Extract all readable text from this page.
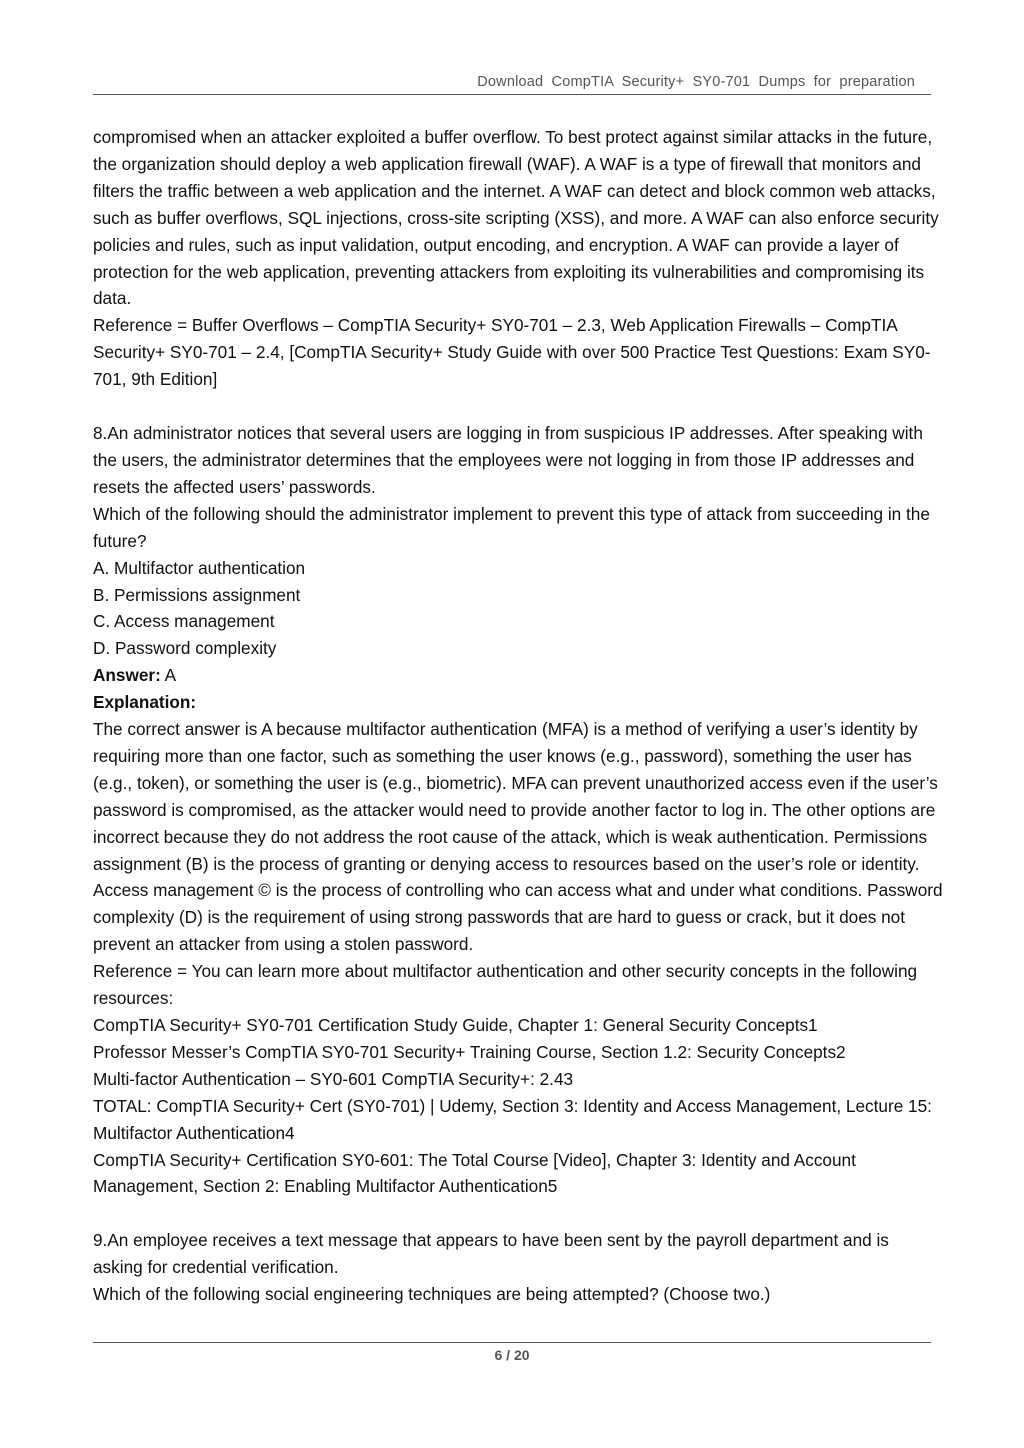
Download CompTIA Security+ SY0-701 Dumps for preparation

compromised when an attacker exploited a buffer overflow. To best protect against similar attacks in the future, the organization should deploy a web application firewall (WAF). A WAF is a type of firewall that monitors and filters the traffic between a web application and the internet. A WAF can detect and block common web attacks, such as buffer overflows, SQL injections, cross-site scripting (XSS), and more. A WAF can also enforce security policies and rules, such as input validation, output encoding, and encryption. A WAF can provide a layer of protection for the web application, preventing attackers from exploiting its vulnerabilities and compromising its data.

Reference = Buffer Overflows – CompTIA Security+ SY0-701 – 2.3, Web Application Firewalls – CompTIA Security+ SY0-701 – 2.4, [CompTIA Security+ Study Guide with over 500 Practice Test Questions: Exam SY0-701, 9th Edition]

8.An administrator notices that several users are logging in from suspicious IP addresses. After speaking with the users, the administrator determines that the employees were not logging in from those IP addresses and resets the affected users’ passwords.

Which of the following should the administrator implement to prevent this type of attack from succeeding in the future?

A. Multifactor authentication

B. Permissions assignment

C. Access management

D. Password complexity

Answer: A

Explanation:

The correct answer is A because multifactor authentication (MFA) is a method of verifying a user’s identity by requiring more than one factor, such as something the user knows (e.g., password), something the user has (e.g., token), or something the user is (e.g., biometric). MFA can prevent unauthorized access even if the user’s password is compromised, as the attacker would need to provide another factor to log in. The other options are incorrect because they do not address the root cause of the attack, which is weak authentication. Permissions assignment (B) is the process of granting or denying access to resources based on the user’s role or identity. Access management © is the process of controlling who can access what and under what conditions. Password complexity (D) is the requirement of using strong passwords that are hard to guess or crack, but it does not prevent an attacker from using a stolen password.

Reference = You can learn more about multifactor authentication and other security concepts in the following resources:

CompTIA Security+ SY0-701 Certification Study Guide, Chapter 1: General Security Concepts1

Professor Messer’s CompTIA SY0-701 Security+ Training Course, Section 1.2: Security Concepts2

Multi-factor Authentication – SY0-601 CompTIA Security+: 2.43

TOTAL: CompTIA Security+ Cert (SY0-701) | Udemy, Section 3: Identity and Access Management, Lecture 15: Multifactor Authentication4

CompTIA Security+ Certification SY0-601: The Total Course [Video], Chapter 3: Identity and Account Management, Section 2: Enabling Multifactor Authentication5

9.An employee receives a text message that appears to have been sent by the payroll department and is asking for credential verification.

Which of the following social engineering techniques are being attempted? (Choose two.)

6 / 20
